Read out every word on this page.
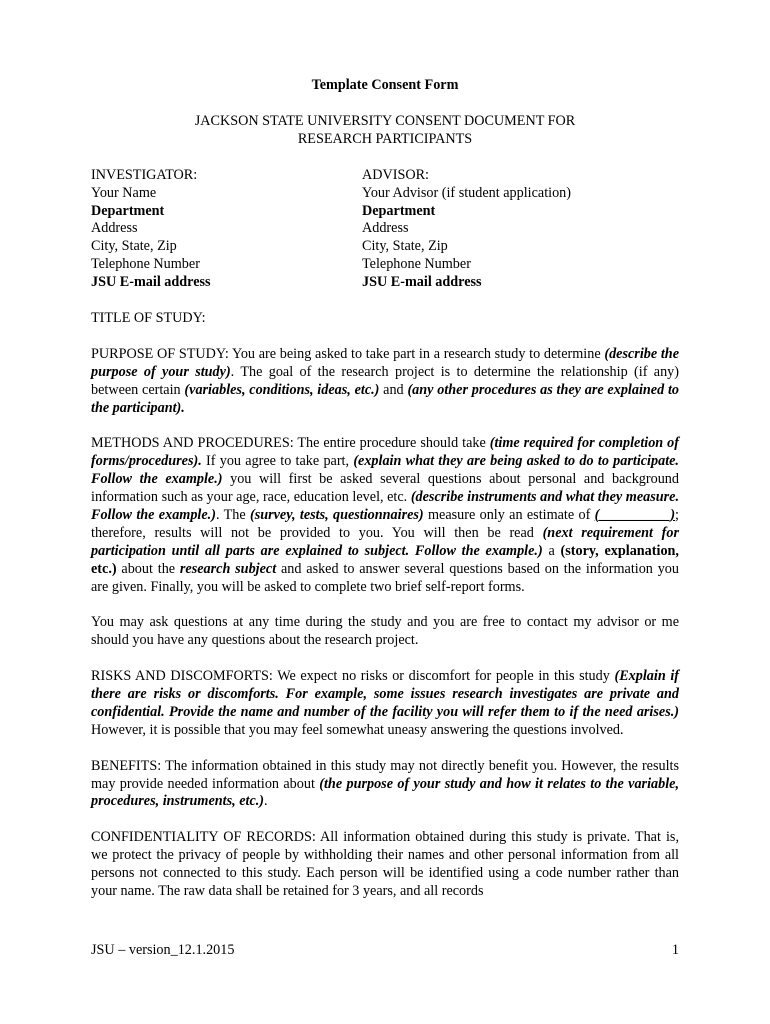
Template Consent Form
JACKSON STATE UNIVERSITY CONSENT DOCUMENT FOR
RESEARCH PARTICIPANTS
INVESTIGATOR:
Your Name
Department
Address
City, State, Zip
Telephone Number
JSU E-mail address
ADVISOR:
Your Advisor (if student application)
Department
Address
City, State, Zip
Telephone Number
JSU E-mail address

TITLE OF STUDY:

PURPOSE OF STUDY: You are being asked to take part in a research study to determine (describe the purpose of your study). The goal of the research project is to determine the relationship (if any) between certain (variables, conditions, ideas, etc.) and (any other procedures as they are explained to the participant).

METHODS AND PROCEDURES: The entire procedure should take (time required for completion of forms/procedures). If you agree to take part, (explain what they are being asked to do to participate. Follow the example.) you will first be asked several questions about personal and background information such as your age, race, education level, etc. (describe instruments and what they measure. Follow the example.). The (survey, tests, questionnaires) measure only an estimate of (__________); therefore, results will not be provided to you. You will then be read (next requirement for participation until all parts are explained to subject. Follow the example.) a (story, explanation, etc.) about the research subject and asked to answer several questions based on the information you are given. Finally, you will be asked to complete two brief self-report forms.

You may ask questions at any time during the study and you are free to contact my advisor or me should you have any questions about the research project.

RISKS AND DISCOMFORTS: We expect no risks or discomfort for people in this study (Explain if there are risks or discomforts. For example, some issues research investigates are private and confidential. Provide the name and number of the facility you will refer them to if the need arises.) However, it is possible that you may feel somewhat uneasy answering the questions involved.

BENEFITS: The information obtained in this study may not directly benefit you. However, the results may provide needed information about (the purpose of your study and how it relates to the variable, procedures, instruments, etc.).

CONFIDENTIALITY OF RECORDS: All information obtained during this study is private. That is, we protect the privacy of people by withholding their names and other personal information from all persons not connected to this study. Each person will be identified using a code number rather than your name. The raw data shall be retained for 3 years, and all records

JSU – version_12.1.2015	1
